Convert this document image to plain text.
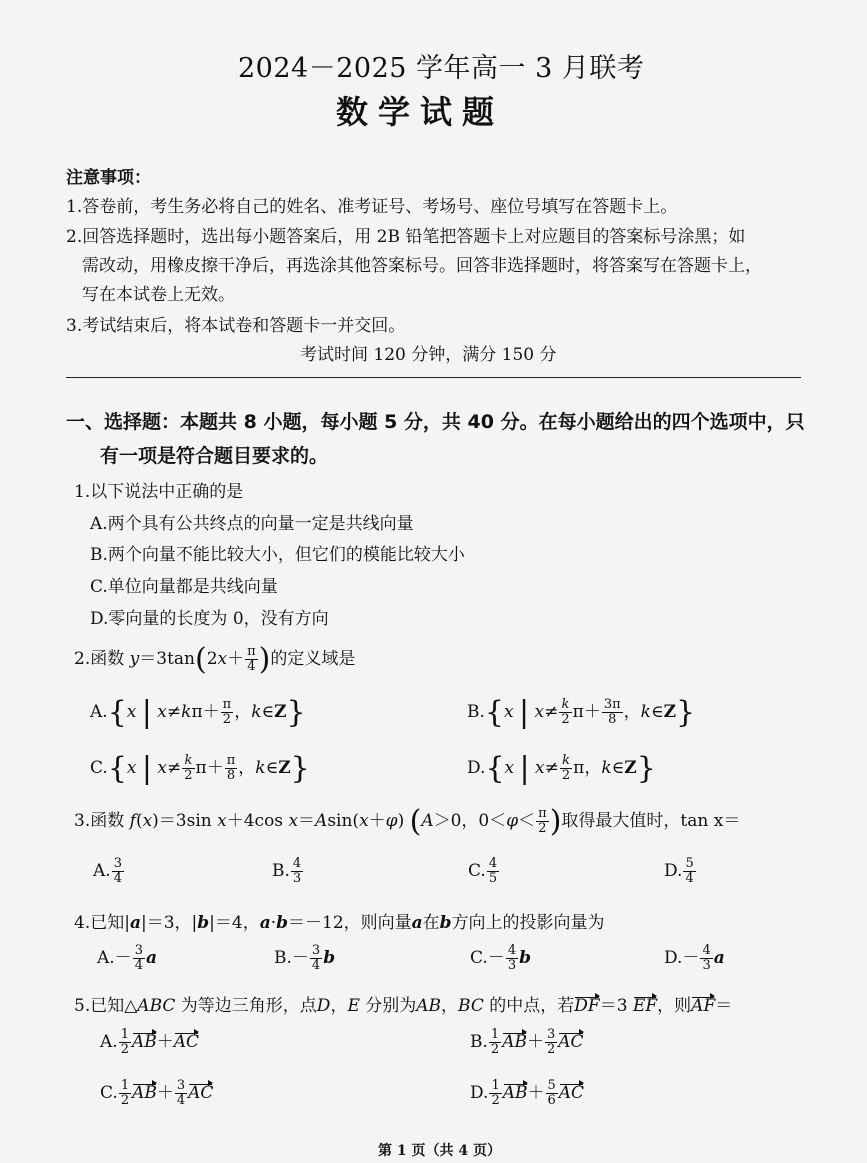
2024－2025 学年高一 3 月联考
数学试题
注意事项：
1.答卷前，考生务必将自己的姓名、准考证号、考场号、座位号填写在答题卡上。
2.回答选择题时，选出每小题答案后，用 2B 铅笔把答题卡上对应题目的答案标号涂黑；如
需改动，用橡皮擦干净后，再选涂其他答案标号。回答非选择题时，将答案写在答题卡上，
写在本试卷上无效。
3.考试结束后，将本试卷和答题卡一并交回。
考试时间 120 分钟，满分 150 分
一、选择题：本题共 8 小题，每小题 5 分，共 40 分。在每小题给出的四个选项中，只
有一项是符合题目要求的。
1.以下说法中正确的是
A.两个具有公共终点的向量一定是共线向量
B.两个向量不能比较大小，但它们的模能比较大小
C.单位向量都是共线向量
D.零向量的长度为 0，没有方向
2.函数 $y=3\tan(2x+ \frac{\pi}{4}$ )的定义域是
A.{x | $x\ne k\pi+ \frac{\pi}{2}$ ，k∈Z}	B.{x | $x\ne \frac{k}{2} \pi+ \frac{3\pi}{8}$ ，k∈Z}
C.{x | $x\ne \frac{k}{2} \pi+ \frac{\pi}{8}$ ，k∈Z}	D.{x | $x\ne \frac{k}{2}$ π，k∈Z}
3.函数 f(x)＝3sin x＋4cos x＝Asin(x＋φ) (A＞0，$0<\varphi< \frac{\pi}{2}$ )取得最大值时，tan x＝
A. $\frac{3}{4}$	B. $\frac{4}{3}$	C. $\frac{4}{5}$	D. $\frac{5}{4}$
4.已知|a|＝3，|b|＝4，a·b＝－12，则向量a在b方向上的投影向量为
$A.- \frac{3}{4}$ a	$B.- \frac{3}{4}$ b	$C.- \frac{4}{3}$ b	$D.- \frac{4}{3}$ a
5.已知△ABC 为等边三角形，点D，E 分别为AB，BC 的中点，若DF＝3 EF，则AF＝
A. $\frac{1}{2} AB+AC$	B. $\frac{1}{2} AB+ \frac{3}{2}$ AC
C. $\frac{1}{2} AB+ \frac{3}{4}$ AC	D. $\frac{1}{2} AB+ \frac{5}{6}$ AC
第 1 页（共 4 页）
